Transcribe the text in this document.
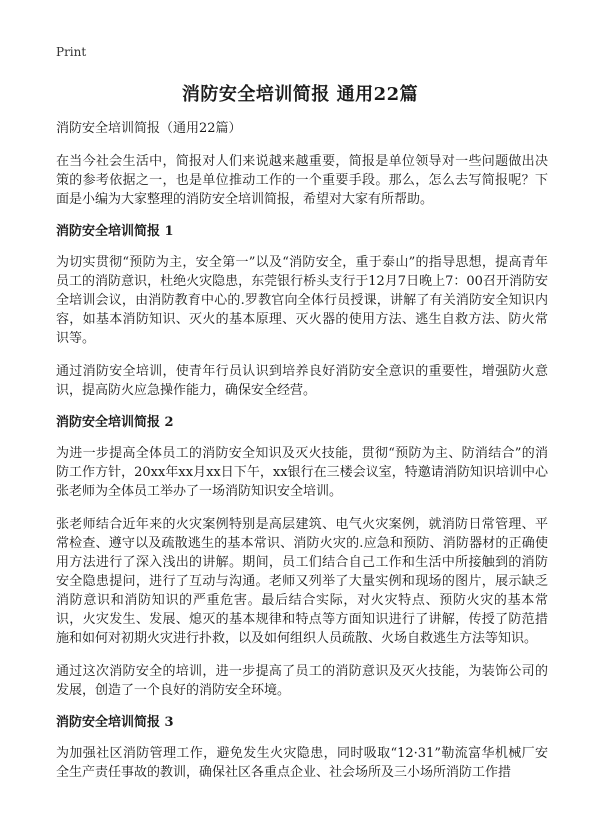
Print
消防安全培训简报 通用22篇

消防安全培训简报（通用22篇）

在当今社会生活中，简报对人们来说越来越重要，简报是单位领导对一些问题做出决策的参考依据之一，也是单位推动工作的一个重要手段。那么，怎么去写简报呢？下面是小编为大家整理的消防安全培训简报，希望对大家有所帮助。

消防安全培训简报 1

为切实贯彻“预防为主，安全第一”以及“消防安全，重于泰山”的指导思想，提高青年员工的消防意识，杜绝火灾隐患，东莞银行桥头支行于12月7日晚上7：00召开消防安全培训会议，由消防教育中心的.罗教官向全体行员授课，讲解了有关消防安全知识内容，如基本消防知识、灭火的基本原理、灭火器的使用方法、逃生自救方法、防火常识等。

通过消防安全培训，使青年行员认识到培养良好消防安全意识的重要性，增强防火意识，提高防火应急操作能力，确保安全经营。

消防安全培训简报 2

为进一步提高全体员工的消防安全知识及灭火技能，贯彻“预防为主、防消结合”的消防工作方针，20xx年xx月xx日下午，xx银行在三楼会议室，特邀请消防知识培训中心张老师为全体员工举办了一场消防知识安全培训。

张老师结合近年来的火灾案例特别是高层建筑、电气火灾案例，就消防日常管理、平常检查、遵守以及疏散逃生的基本常识、消防火灾的.应急和预防、消防器材的正确使用方法进行了深入浅出的讲解。期间，员工们结合自己工作和生活中所接触到的消防安全隐患提问，进行了互动与沟通。老师又列举了大量实例和现场的图片，展示缺乏消防意识和消防知识的严重危害。最后结合实际，对火灾特点、预防火灾的基本常识，火灾发生、发展、熄灭的基本规律和特点等方面知识进行了讲解，传授了防范措施和如何对初期火灾进行扑救，以及如何组织人员疏散、火场自救逃生方法等知识。

通过这次消防安全的培训，进一步提高了员工的消防意识及灭火技能，为装饰公司的发展，创造了一个良好的消防安全环境。

消防安全培训简报 3

为加强社区消防管理工作，避免发生火灾隐患，同时吸取“12·31”勒流富华机械厂安全生产责任事故的教训，确保社区各重点企业、社会场所及三小场所消防工作措
